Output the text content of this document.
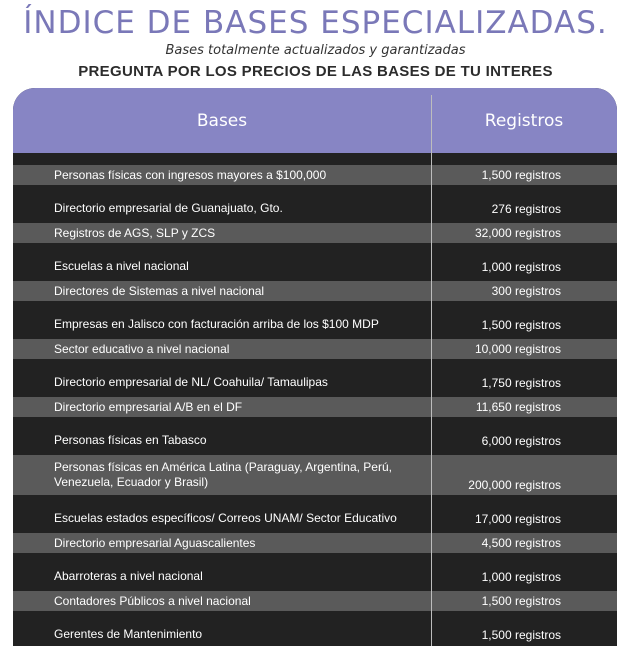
ÍNDICE DE BASES ESPECIALIZADAS.
Bases totalmente actualizados y garantizadas
PREGUNTA POR LOS PRECIOS DE LAS BASES DE TU INTERES
Bases	Registros
Personas físicas con ingresos mayores a $100,000	1,500 registros
Directorio empresarial de Guanajuato, Gto.	276 registros
Registros de AGS, SLP y ZCS	32,000 registros
Escuelas a nivel nacional	1,000 registros
Directores de Sistemas a nivel nacional	300 registros
Empresas en Jalisco con facturación arriba de los $100 MDP	1,500 registros
Sector educativo a nivel nacional	10,000 registros
Directorio empresarial de NL/ Coahuila/ Tamaulipas	1,750 registros
Directorio empresarial A/B en el DF	11,650 registros
Personas físicas en Tabasco	6,000 registros
Personas físicas en América Latina (Paraguay, Argentina, Perú, Venezuela, Ecuador y Brasil)	200,000 registros
Escuelas estados específicos/ Correos UNAM/ Sector Educativo	17,000 registros
Directorio empresarial Aguascalientes	4,500 registros
Abarroteras a nivel nacional	1,000 registros
Contadores Públicos a nivel nacional	1,500 registros
Gerentes de Mantenimiento	1,500 registros
